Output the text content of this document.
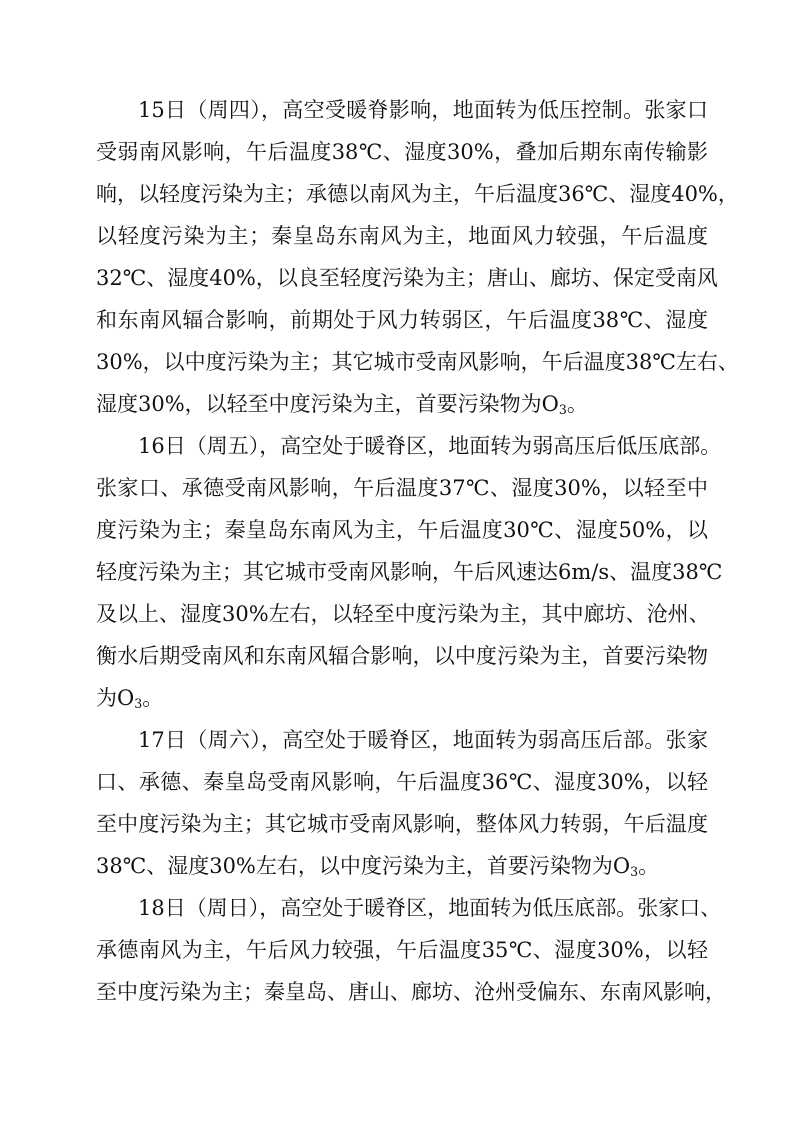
15日（周四），高空受暖脊影响，地面转为低压控制。张家口
受弱南风影响，午后温度38℃、湿度30%，叠加后期东南传输影
响，以轻度污染为主；承德以南风为主，午后温度36℃、湿度40%，
以轻度污染为主；秦皇岛东南风为主，地面风力较强，午后温度
32℃、湿度40%，以良至轻度污染为主；唐山、廊坊、保定受南风
和东南风辐合影响，前期处于风力转弱区，午后温度38℃、湿度
30%，以中度污染为主；其它城市受南风影响，午后温度38℃左右、
湿度30%，以轻至中度污染为主，首要污染物为$O_3$。
16日（周五），高空处于暖脊区，地面转为弱高压后低压底部。
张家口、承德受南风影响，午后温度37℃、湿度30%，以轻至中
度污染为主；秦皇岛东南风为主，午后温度30℃、湿度50%，以
轻度污染为主；其它城市受南风影响，午后风速达6m/s、温度38℃
及以上、湿度30%左右，以轻至中度污染为主，其中廊坊、沧州、
衡水后期受南风和东南风辐合影响，以中度污染为主，首要污染物
为$O_3$。
17日（周六），高空处于暖脊区，地面转为弱高压后部。张家
口、承德、秦皇岛受南风影响，午后温度36℃、湿度30%，以轻
至中度污染为主；其它城市受南风影响，整体风力转弱，午后温度
38℃、湿度30%左右，以中度污染为主，首要污染物为$O_3$。
18日（周日），高空处于暖脊区，地面转为低压底部。张家口、
承德南风为主，午后风力较强，午后温度35℃、湿度30%，以轻
至中度污染为主；秦皇岛、唐山、廊坊、沧州受偏东、东南风影响，
